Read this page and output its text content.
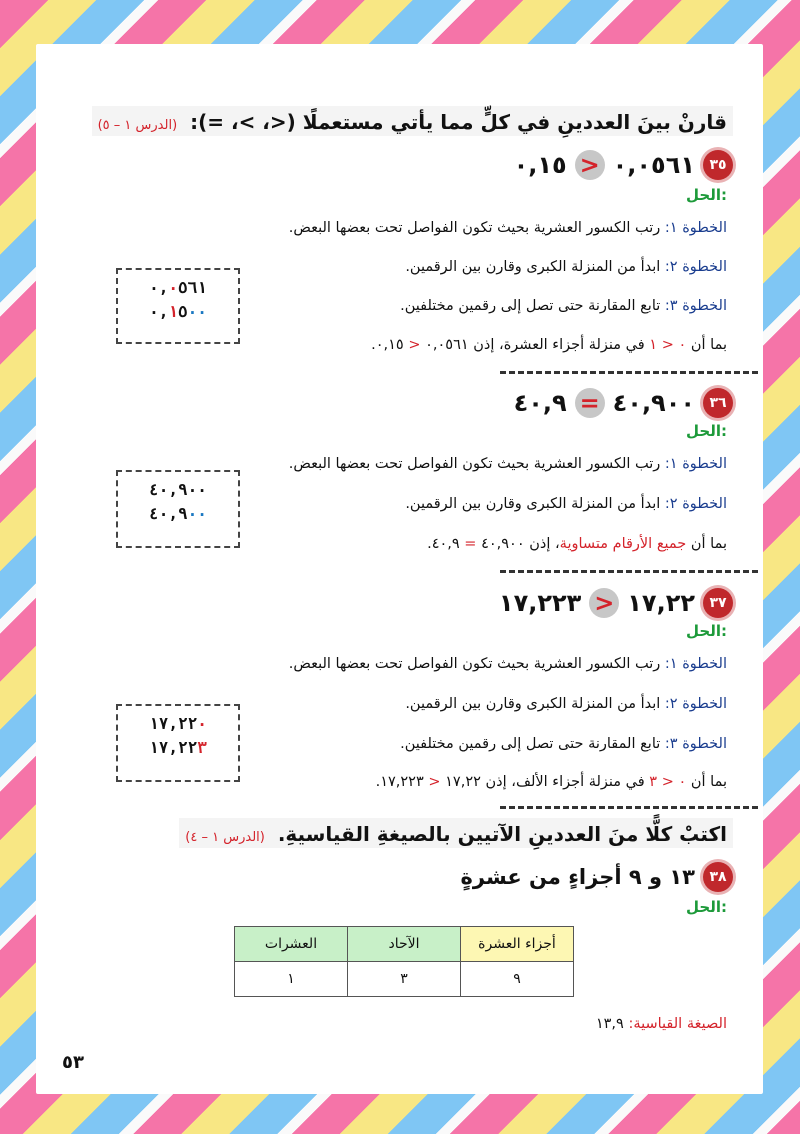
قارنْ بينَ العددينِ في كلٍّ مما يأتي مستعملًا (<، >، =): (الدرس ١ – ٥)
٣٥
٠,٠٥٦١
<
٠,١٥
الحل:
الخطوة ١: رتب الكسور العشرية بحيث تكون الفواصل تحت بعضها البعض.
الخطوة ٢: ابدأ من المنزلة الكبرى وقارن بين الرقمين.
الخطوة ٣: تابع المقارنة حتى تصل إلى رقمين مختلفين.
بما أن ٠ < ١ في منزلة أجزاء العشرة، إذن ٠,٠٥٦١ < ٠,١٥.
٠,٠٥٦١
٠,١٥٠٠
٣٦
٤٠,٩٠٠
=
٤٠,٩
الحل:
الخطوة ١: رتب الكسور العشرية بحيث تكون الفواصل تحت بعضها البعض.
الخطوة ٢: ابدأ من المنزلة الكبرى وقارن بين الرقمين.
بما أن جميع الأرقام متساوية، إذن ٤٠,٩٠٠ = ٤٠,٩.
٤٠,٩٠٠
٤٠,٩٠٠
٣٧
١٧,٢٢
<
١٧,٢٢٣
الحل:
الخطوة ١: رتب الكسور العشرية بحيث تكون الفواصل تحت بعضها البعض.
الخطوة ٢: ابدأ من المنزلة الكبرى وقارن بين الرقمين.
الخطوة ٣: تابع المقارنة حتى تصل إلى رقمين مختلفين.
بما أن ٠ < ٣ في منزلة أجزاء الألف، إذن ١٧,٢٢ < ١٧,٢٢٣.
١٧,٢٢٠
١٧,٢٢٣
اكتبْ كلًّا منَ العددينِ الآتيين بالصيغةِ القياسيةِ. (الدرس ١ – ٤)
٣٨
١٣ و ٩ أجزاءٍ من عشرةٍ
الحل:
أجزاء العشرة	الآحاد	العشرات
٩	٣	١
الصيغة القياسية: ١٣,٩
٥٣
